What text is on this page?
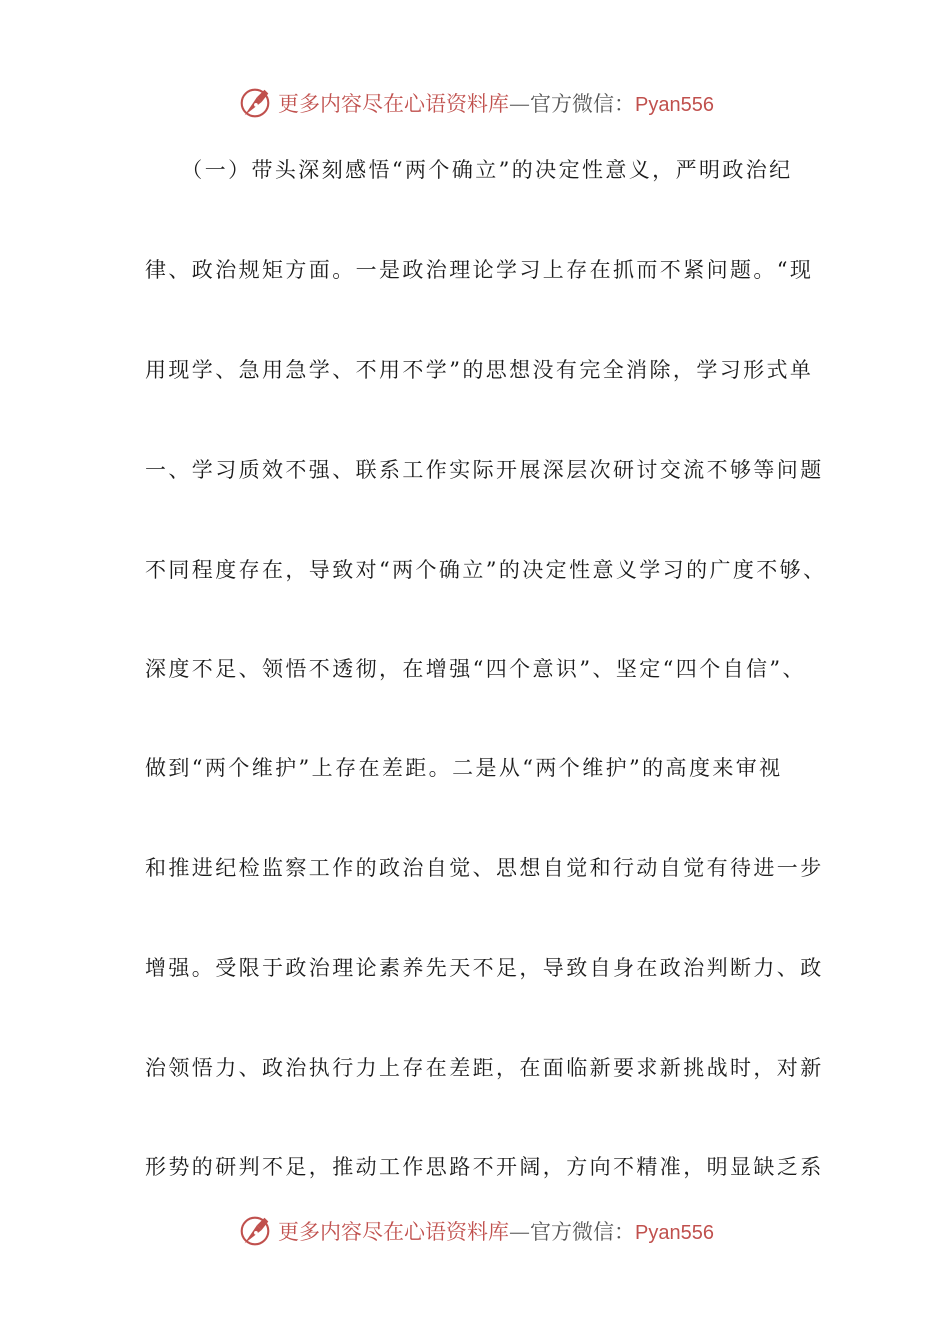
更多内容尽在心语资料库 — 官方微信： Pyan556
　　（一）带头深刻感悟“两个确立”的决定性意义，严明政治纪
律、政治规矩方面。一是政治理论学习上存在抓而不紧问题。“现
用现学、急用急学、不用不学”的思想没有完全消除，学习形式单
一、学习质效不强、联系工作实际开展深层次研讨交流不够等问题
不同程度存在，导致对“两个确立”的决定性意义学习的广度不够、
深度不足、领悟不透彻，在增强“四个意识”、坚定“四个自信”、
做到“两个维护”上存在差距。二是从“两个维护”的高度来审视
和推进纪检监察工作的政治自觉、思想自觉和行动自觉有待进一步
增强。受限于政治理论素养先天不足，导致自身在政治判断力、政
治领悟力、政治执行力上存在差距，在面临新要求新挑战时，对新
形势的研判不足，推动工作思路不开阔，方向不精准，明显缺乏系
更多内容尽在心语资料库 — 官方微信： Pyan556
